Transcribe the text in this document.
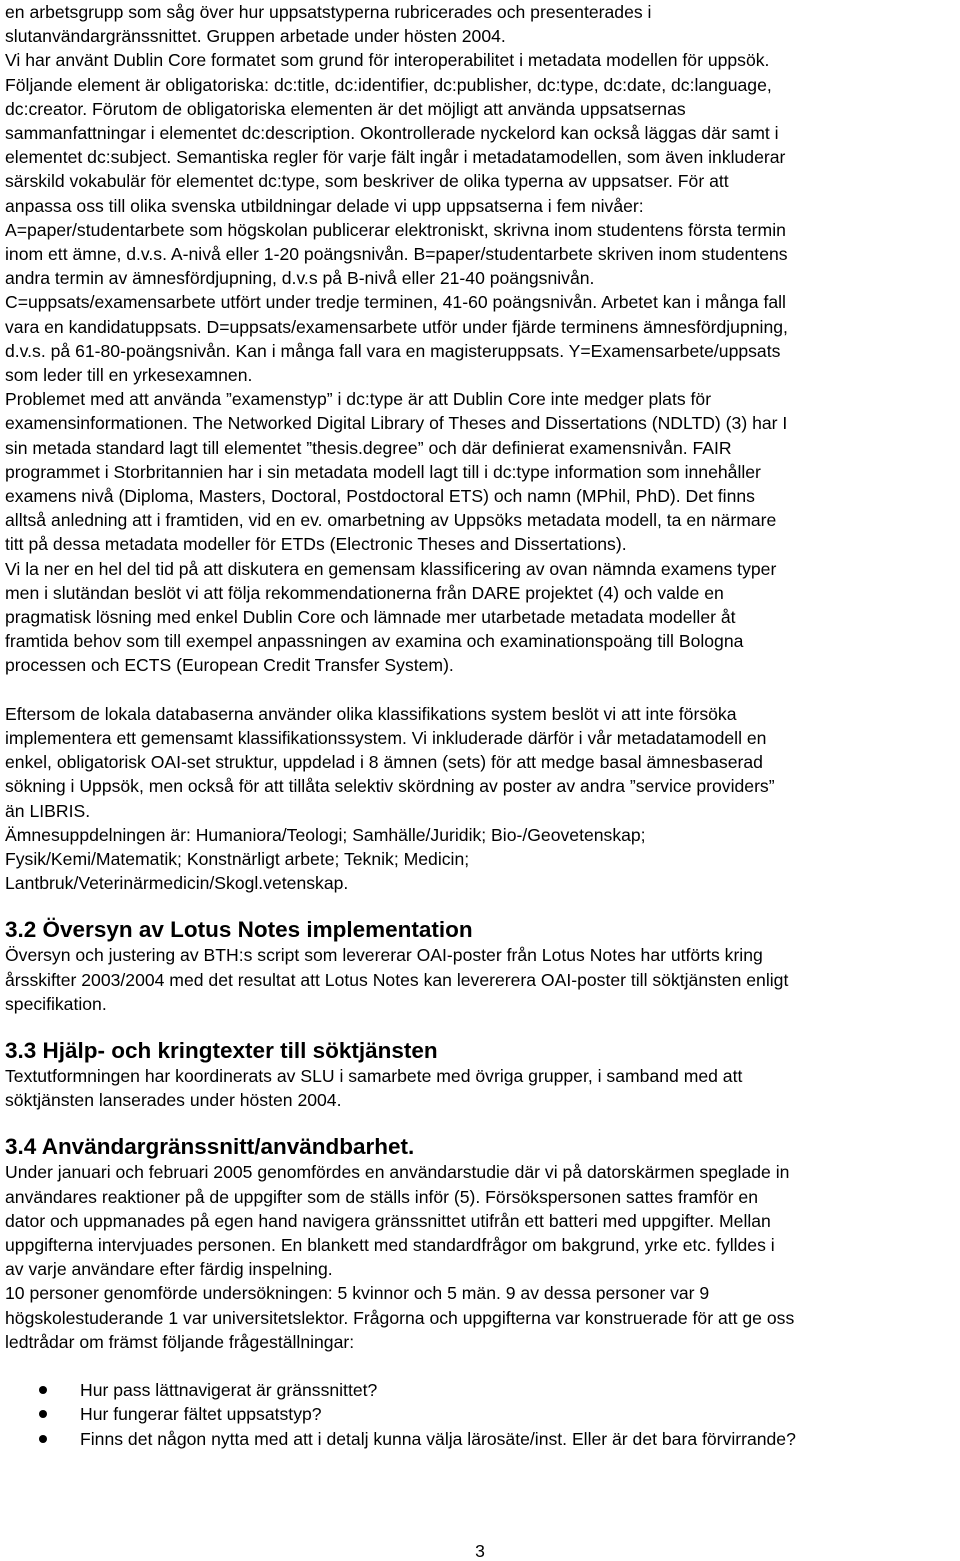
en arbetsgrupp som såg över hur uppsatstyperna rubricerades och presenterades i

slutanvändargränssnittet. Gruppen arbetade under hösten 2004.

Vi har använt Dublin Core formatet som grund för interoperabilitet i metadata modellen för uppsök.

Följande element är obligatoriska: dc:title, dc:identifier, dc:publisher, dc:type, dc:date, dc:language,

dc:creator. Förutom de obligatoriska elementen är det möjligt att använda uppsatsernas

sammanfattningar i elementet dc:description. Okontrollerade nyckelord kan också läggas där samt i

elementet dc:subject. Semantiska regler för varje fält ingår i metadatamodellen, som även inkluderar

särskild vokabulär för elementet dc:type, som beskriver de olika typerna av uppsatser. För att

anpassa oss till olika svenska utbildningar delade vi upp uppsatserna i fem nivåer:

A=paper/studentarbete som högskolan publicerar elektroniskt, skrivna inom studentens första termin

inom ett ämne, d.v.s. A-nivå eller 1-20 poängsnivån. B=paper/studentarbete skriven inom studentens

andra termin av ämnesfördjupning, d.v.s på B-nivå eller 21-40 poängsnivån.

C=uppsats/examensarbete utfört under tredje terminen, 41-60 poängsnivån. Arbetet kan i många fall

vara en kandidatuppsats. D=uppsats/examensarbete utför under fjärde terminens ämnesfördjupning,

d.v.s. på 61-80-poängsnivån. Kan i många fall vara en magisteruppsats. Y=Examensarbete/uppsats

som leder till en yrkesexamnen.

Problemet med att använda ”examenstyp” i dc:type är att Dublin Core inte medger plats för

examensinformationen. The Networked Digital Library of Theses and Dissertations (NDLTD) (3) har I

sin metada standard lagt till elementet ”thesis.degree” och där definierat examensnivån. FAIR

programmet i Storbritannien har i sin metadata modell lagt till i dc:type information som innehåller

examens nivå (Diploma, Masters, Doctoral, Postdoctoral ETS) och namn (MPhil, PhD). Det finns

alltså anledning att i framtiden, vid en ev. omarbetning av Uppsöks metadata modell, ta en närmare

titt på dessa metadata modeller för ETDs (Electronic Theses and Dissertations).

Vi la ner en hel del tid på att diskutera en gemensam klassificering av ovan nämnda examens typer

men i slutändan beslöt vi att följa rekommendationerna från DARE projektet (4) och valde en

pragmatisk lösning med enkel Dublin Core och lämnade mer utarbetade metadata modeller åt

framtida behov som till exempel anpassningen av examina och examinationspoäng till Bologna

processen och ECTS (European Credit Transfer System).

Eftersom de lokala databaserna använder olika klassifikations system beslöt vi att inte försöka

implementera ett gemensamt klassifikationssystem. Vi inkluderade därför i vår metadatamodell en

enkel, obligatorisk OAI-set struktur, uppdelad i 8 ämnen (sets) för att medge basal ämnesbaserad

sökning i Uppsök, men också för att tillåta selektiv skördning av poster av andra ”service providers”

än LIBRIS.

Ämnesuppdelningen är: Humaniora/Teologi; Samhälle/Juridik; Bio-/Geovetenskap;

Fysik/Kemi/Matematik; Konstnärligt arbete; Teknik; Medicin;

Lantbruk/Veterinärmedicin/Skogl.vetenskap.

3.2 Översyn av Lotus Notes implementation

Översyn och justering av BTH:s script som levererar OAI-poster från Lotus Notes har utförts kring

årsskifter 2003/2004 med det resultat att Lotus Notes kan levererera OAI-poster till söktjänsten enligt

specifikation.

3.3 Hjälp- och kringtexter till söktjänsten

Textutformningen har koordinerats av SLU i samarbete med övriga grupper, i samband med att

söktjänsten lanserades under hösten 2004.

3.4 Användargränssnitt/användbarhet.

Under januari och februari 2005 genomfördes en användarstudie där vi på datorskärmen speglade in

användares reaktioner på de uppgifter som de ställs inför (5). Försökspersonen sattes framför en

dator och uppmanades på egen hand navigera gränssnittet utifrån ett batteri med uppgifter. Mellan

uppgifterna intervjuades personen. En blankett med standardfrågor om bakgrund, yrke etc. fylldes i

av varje användare efter färdig inspelning.

10 personer genomförde undersökningen: 5 kvinnor och 5 män. 9 av dessa personer var 9

högskolestuderande 1 var universitetslektor. Frågorna och uppgifterna var konstruerade för att ge oss

ledtrådar om främst följande frågeställningar:

Hur pass lättnavigerat är gränssnittet?
Hur fungerar fältet uppsatstyp?
Finns det någon nytta med att i detalj kunna välja lärosäte/inst. Eller är det bara förvirrande?
3
